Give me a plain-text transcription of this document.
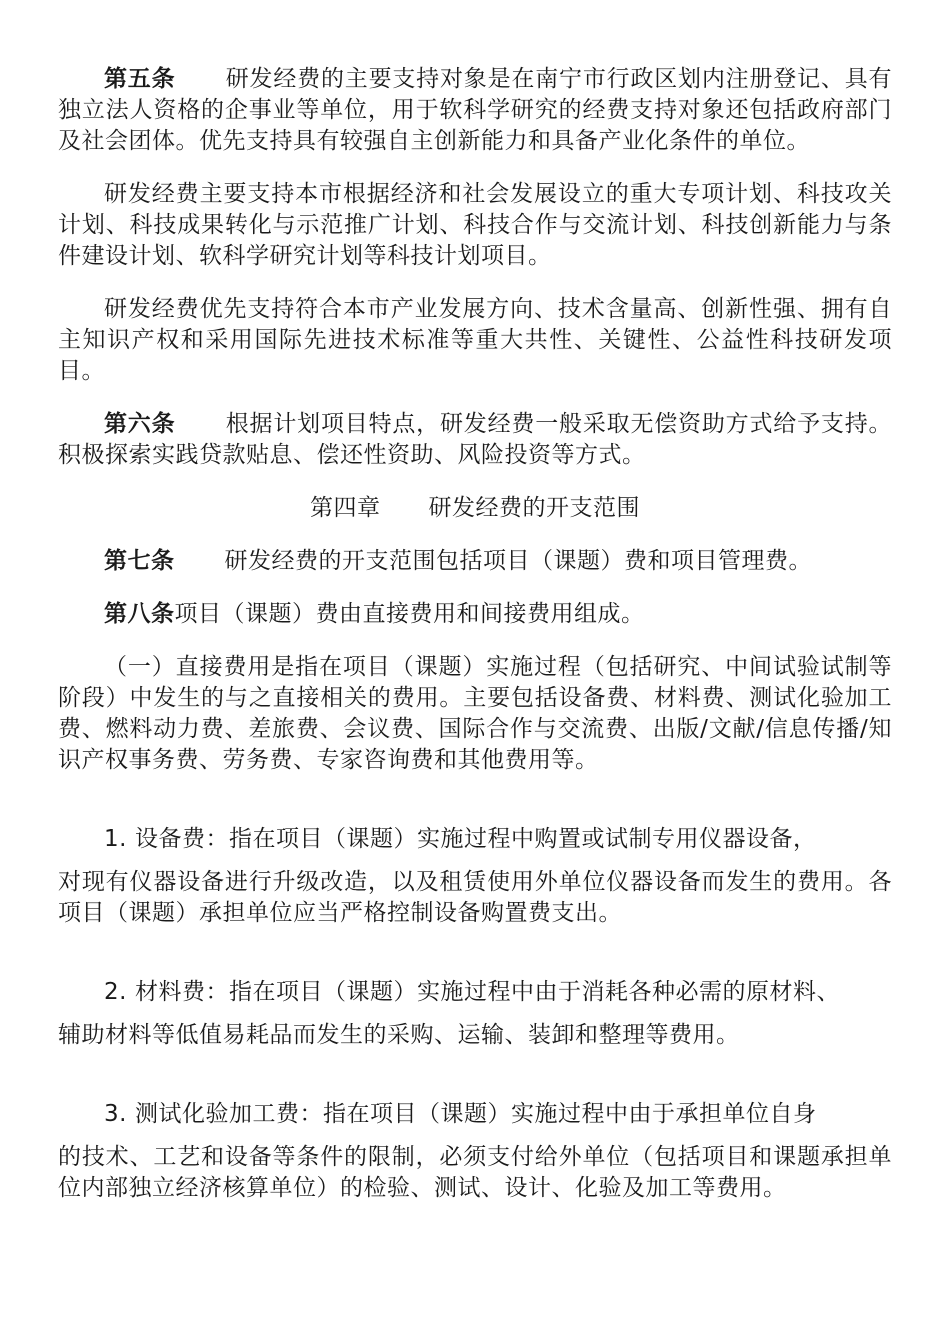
第五条 研发经费的主要支持对象是在南宁市行政区划内注册登记、具有独立法人资格的企事业等单位，用于软科学研究的经费支持对象还包括政府部门及社会团体。优先支持具有较强自主创新能力和具备产业化条件的单位。

研发经费主要支持本市根据经济和社会发展设立的重大专项计划、科技攻关计划、科技成果转化与示范推广计划、科技合作与交流计划、科技创新能力与条件建设计划、软科学研究计划等科技计划项目。

研发经费优先支持符合本市产业发展方向、技术含量高、创新性强、拥有自主知识产权和采用国际先进技术标准等重大共性、关键性、公益性科技研发项目。

第六条 根据计划项目特点，研发经费一般采取无偿资助方式给予支持。积极探索实践贷款贴息、偿还性资助、风险投资等方式。

第四章 研发经费的开支范围

第七条 研发经费的开支范围包括项目（课题）费和项目管理费。

第八条项目（课题）费由直接费用和间接费用组成。

（一）直接费用是指在项目（课题）实施过程（包括研究、中间试验试制等阶段）中发生的与之直接相关的费用。主要包括设备费、材料费、测试化验加工费、燃料动力费、差旅费、会议费、国际合作与交流费、出版/文献/信息传播/知识产权事务费、劳务费、专家咨询费和其他费用等。

1. 设备费：指在项目（课题）实施过程中购置或试制专用仪器设备，
对现有仪器设备进行升级改造，以及租赁使用外单位仪器设备而发生的费用。各项目（课题）承担单位应当严格控制设备购置费支出。
2. 材料费：指在项目（课题）实施过程中由于消耗各种必需的原材料、
辅助材料等低值易耗品而发生的采购、运输、装卸和整理等费用。
3. 测试化验加工费：指在项目（课题）实施过程中由于承担单位自身
的技术、工艺和设备等条件的限制，必须支付给外单位（包括项目和课题承担单位内部独立经济核算单位）的检验、测试、设计、化验及加工等费用。
